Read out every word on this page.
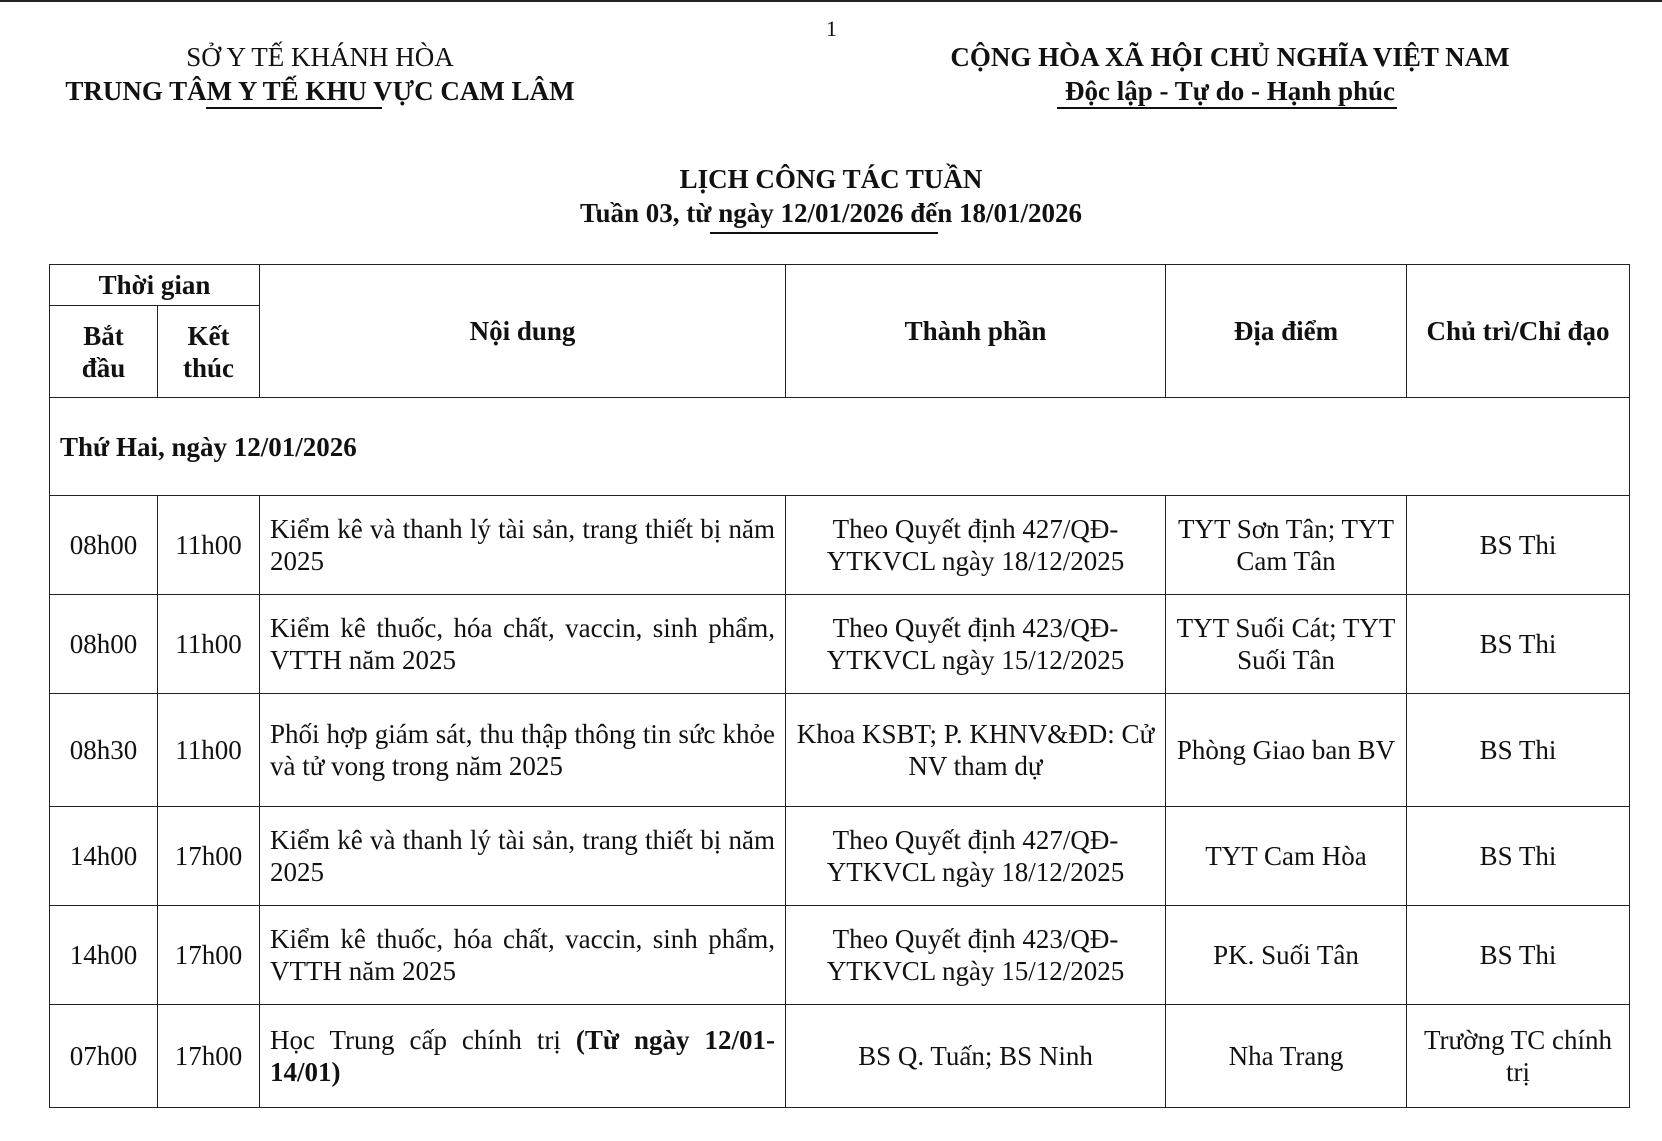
1
SỞ Y TẾ KHÁNH HÒA
TRUNG TÂM Y TẾ KHU VỰC CAM LÂM
CỘNG HÒA XÃ HỘI CHỦ NGHĨA VIỆT NAM
Độc lập - Tự do - Hạnh phúc
LỊCH CÔNG TÁC TUẦN
Tuần 03, từ ngày 12/01/2026 đến 18/01/2026
Thời gian		Nội dung	Thành phần	Địa điểm	Chủ trì/Chỉ đạo
Bắt đầu	Kết thúc				
Thứ Hai, ngày 12/01/2026					
08h00	11h00	Kiểm kê và thanh lý tài sản, trang thiết bị năm 2025	Theo Quyết định 427/QĐ-YTKVCL ngày 18/12/2025	TYT Sơn Tân; TYT Cam Tân	BS Thi
08h00	11h00	Kiểm kê thuốc, hóa chất, vaccin, sinh phẩm, VTTH năm 2025	Theo Quyết định 423/QĐ-YTKVCL ngày 15/12/2025	TYT Suối Cát; TYT Suối Tân	BS Thi
08h30	11h00	Phối hợp giám sát, thu thập thông tin sức khỏe và tử vong trong năm 2025	Khoa KSBT; P. KHNV&ĐD: Cử NV tham dự	Phòng Giao ban BV	BS Thi
14h00	17h00	Kiểm kê và thanh lý tài sản, trang thiết bị năm 2025	Theo Quyết định 427/QĐ-YTKVCL ngày 18/12/2025	TYT Cam Hòa	BS Thi
14h00	17h00	Kiểm kê thuốc, hóa chất, vaccin, sinh phẩm, VTTH năm 2025	Theo Quyết định 423/QĐ-YTKVCL ngày 15/12/2025	PK. Suối Tân	BS Thi
07h00	17h00	Học Trung cấp chính trị (Từ ngày 12/01-14/01)	BS Q. Tuấn; BS Ninh	Nha Trang	Trường TC chính trị
